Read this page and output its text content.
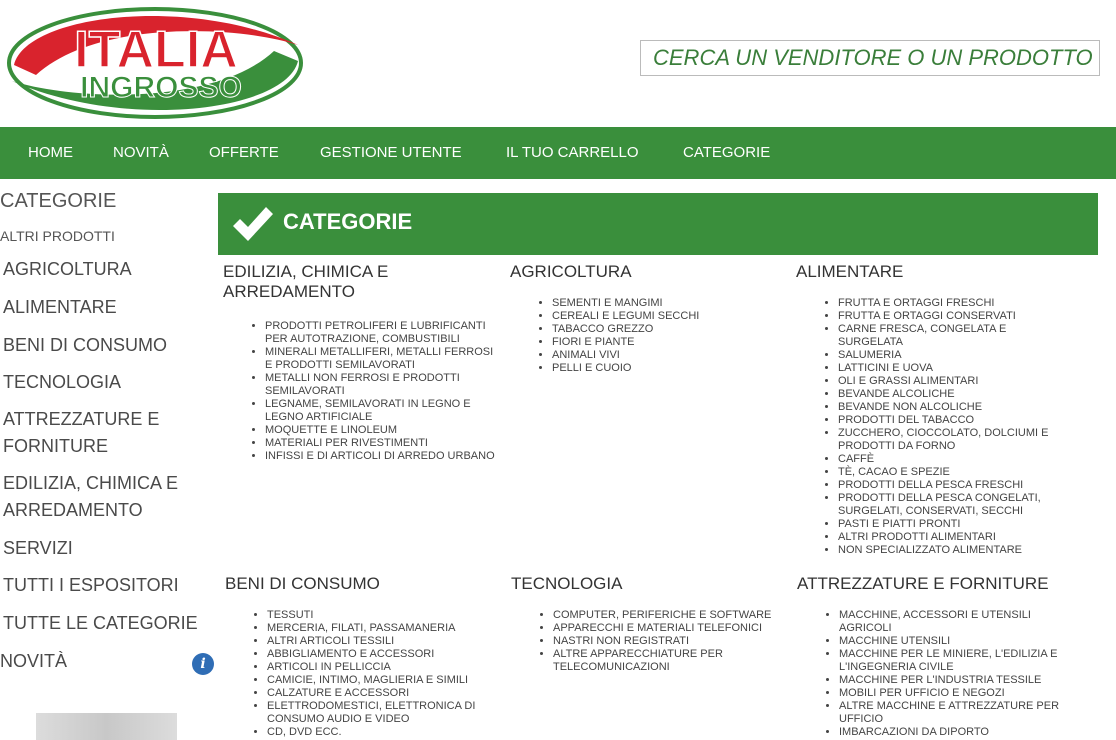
ITALIA
INGROSSO
CERCA UN VENDITORE O UN PRODOTTO
HOME	NOVITÀ	OFFERTE	GESTIONE UTENTE	IL TUO CARRELLO	CATEGORIE
CATEGORIE
ALTRI PRODOTTI
AGRICOLTURA
ALIMENTARE
BENI DI CONSUMO
TECNOLOGIA
ATTREZZATURE E FORNITURE
EDILIZIA, CHIMICA E ARREDAMENTO
SERVIZI
TUTTI I ESPOSITORI
TUTTE LE CATEGORIE
NOVITÀ	i
CATEGORIE
EDILIZIA, CHIMICA E ARREDAMENTO
• PRODOTTI PETROLIFERI E LUBRIFICANTI PER AUTOTRAZIONE, COMBUSTIBILI
• MINERALI METALLIFERI, METALLI FERROSI E PRODOTTI SEMILAVORATI
• METALLI NON FERROSI E PRODOTTI SEMILAVORATI
• LEGNAME, SEMILAVORATI IN LEGNO E LEGNO ARTIFICIALE
• MOQUETTE E LINOLEUM
• MATERIALI PER RIVESTIMENTI
• INFISSI E DI ARTICOLI DI ARREDO URBANO
AGRICOLTURA
• SEMENTI E MANGIMI
• CEREALI E LEGUMI SECCHI
• TABACCO GREZZO
• FIORI E PIANTE
• ANIMALI VIVI
• PELLI E CUOIO
ALIMENTARE
• FRUTTA E ORTAGGI FRESCHI
• FRUTTA E ORTAGGI CONSERVATI
• CARNE FRESCA, CONGELATA E SURGELATA
• SALUMERIA
• LATTICINI E UOVA
• OLI E GRASSI ALIMENTARI
• BEVANDE ALCOLICHE
• BEVANDE NON ALCOLICHE
• PRODOTTI DEL TABACCO
• ZUCCHERO, CIOCCOLATO, DOLCIUMI E PRODOTTI DA FORNO
• CAFFÈ
• TÈ, CACAO E SPEZIE
• PRODOTTI DELLA PESCA FRESCHI
• PRODOTTI DELLA PESCA CONGELATI, SURGELATI, CONSERVATI, SECCHI
• PASTI E PIATTI PRONTI
• ALTRI PRODOTTI ALIMENTARI
• NON SPECIALIZZATO ALIMENTARE
BENI DI CONSUMO
• TESSUTI
• MERCERIA, FILATI, PASSAMANERIA
• ALTRI ARTICOLI TESSILI
• ABBIGLIAMENTO E ACCESSORI
• ARTICOLI IN PELLICCIA
• CAMICIE, INTIMO, MAGLIERIA E SIMILI
• CALZATURE E ACCESSORI
• ELETTRODOMESTICI, ELETTRONICA DI CONSUMO AUDIO E VIDEO
• CD, DVD ECC.
TECNOLOGIA
• COMPUTER, PERIFERICHE E SOFTWARE
• APPARECCHI E MATERIALI TELEFONICI
• NASTRI NON REGISTRATI
• ALTRE APPARECCHIATURE PER TELECOMUNICAZIONI
ATTREZZATURE E FORNITURE
• MACCHINE, ACCESSORI E UTENSILI AGRICOLI
• MACCHINE UTENSILI
• MACCHINE PER LE MINIERE, L'EDILIZIA E L'INGEGNERIA CIVILE
• MACCHINE PER L'INDUSTRIA TESSILE
• MOBILI PER UFFICIO E NEGOZI
• ALTRE MACCHINE E ATTREZZATURE PER UFFICIO
• IMBARCAZIONI DA DIPORTO
